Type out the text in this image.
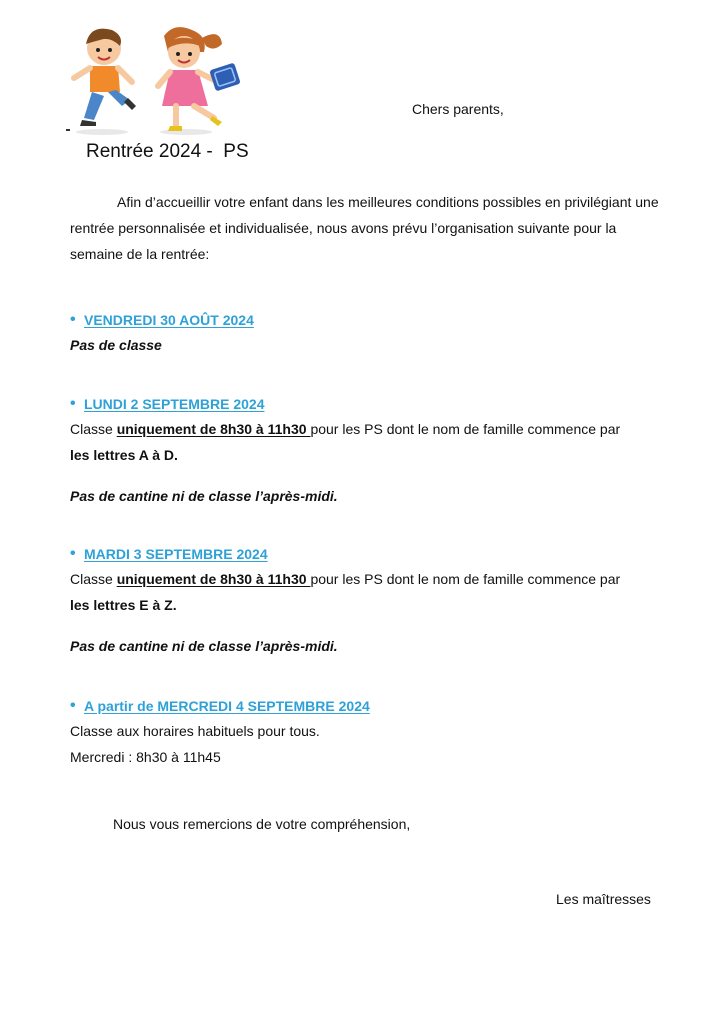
Chers parents,
Rentrée 2024 -  PS
Afin d’accueillir votre enfant dans les meilleures conditions possibles en privilégiant une rentrée personnalisée et individualisée, nous avons prévu l’organisation suivante pour la semaine de la rentrée:
• VENDREDI 30 AOÛT 2024
Pas de classe
• LUNDI 2 SEPTEMBRE 2024
Classe uniquement de 8h30 à 11h30 pour les PS dont le nom de famille commence par
les lettres A à D.
Pas de cantine ni de classe l’après-midi.
• MARDI 3 SEPTEMBRE 2024
Classe uniquement de 8h30 à 11h30 pour les PS dont le nom de famille commence par
les lettres E à Z.
Pas de cantine ni de classe l’après-midi.
• A partir de MERCREDI 4 SEPTEMBRE 2024
Classe aux horaires habituels pour tous.
Mercredi : 8h30 à 11h45
Nous vous remercions de votre compréhension,
Les maîtresses
